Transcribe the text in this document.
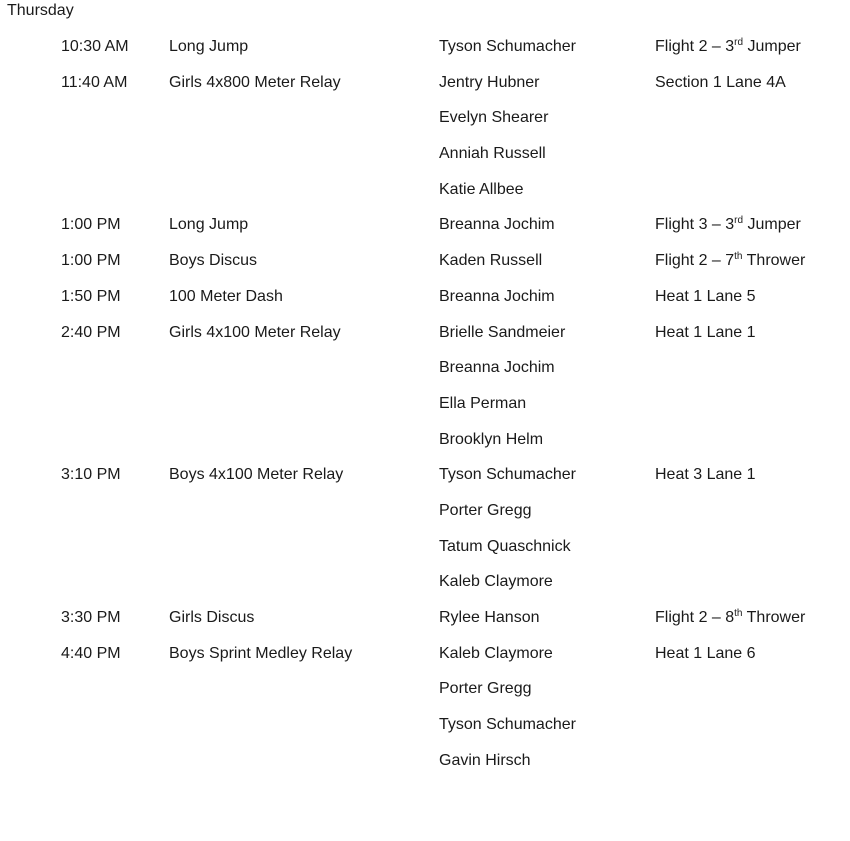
Thursday
10:30 AM	Long Jump	Tyson Schumacher	Flight 2 – 3rd Jumper
11:40 AM	Girls 4x800 Meter Relay	Jentry Hubner	Section 1 Lane 4A
Evelyn Shearer
Anniah Russell
Katie Allbee
1:00 PM	Long Jump	Breanna Jochim	Flight 3 – 3rd Jumper
1:00 PM	Boys Discus	Kaden Russell	Flight 2 – 7th Thrower
1:50 PM	100 Meter Dash	Breanna Jochim	Heat 1 Lane 5
2:40 PM	Girls 4x100 Meter Relay	Brielle Sandmeier	Heat 1 Lane 1
Breanna Jochim
Ella Perman
Brooklyn Helm
3:10 PM	Boys 4x100 Meter Relay	Tyson Schumacher	Heat 3 Lane 1
Porter Gregg
Tatum Quaschnick
Kaleb Claymore
3:30 PM	Girls Discus	Rylee Hanson	Flight 2 – 8th Thrower
4:40 PM	Boys Sprint Medley Relay	Kaleb Claymore	Heat 1 Lane 6
Porter Gregg
Tyson Schumacher
Gavin Hirsch
